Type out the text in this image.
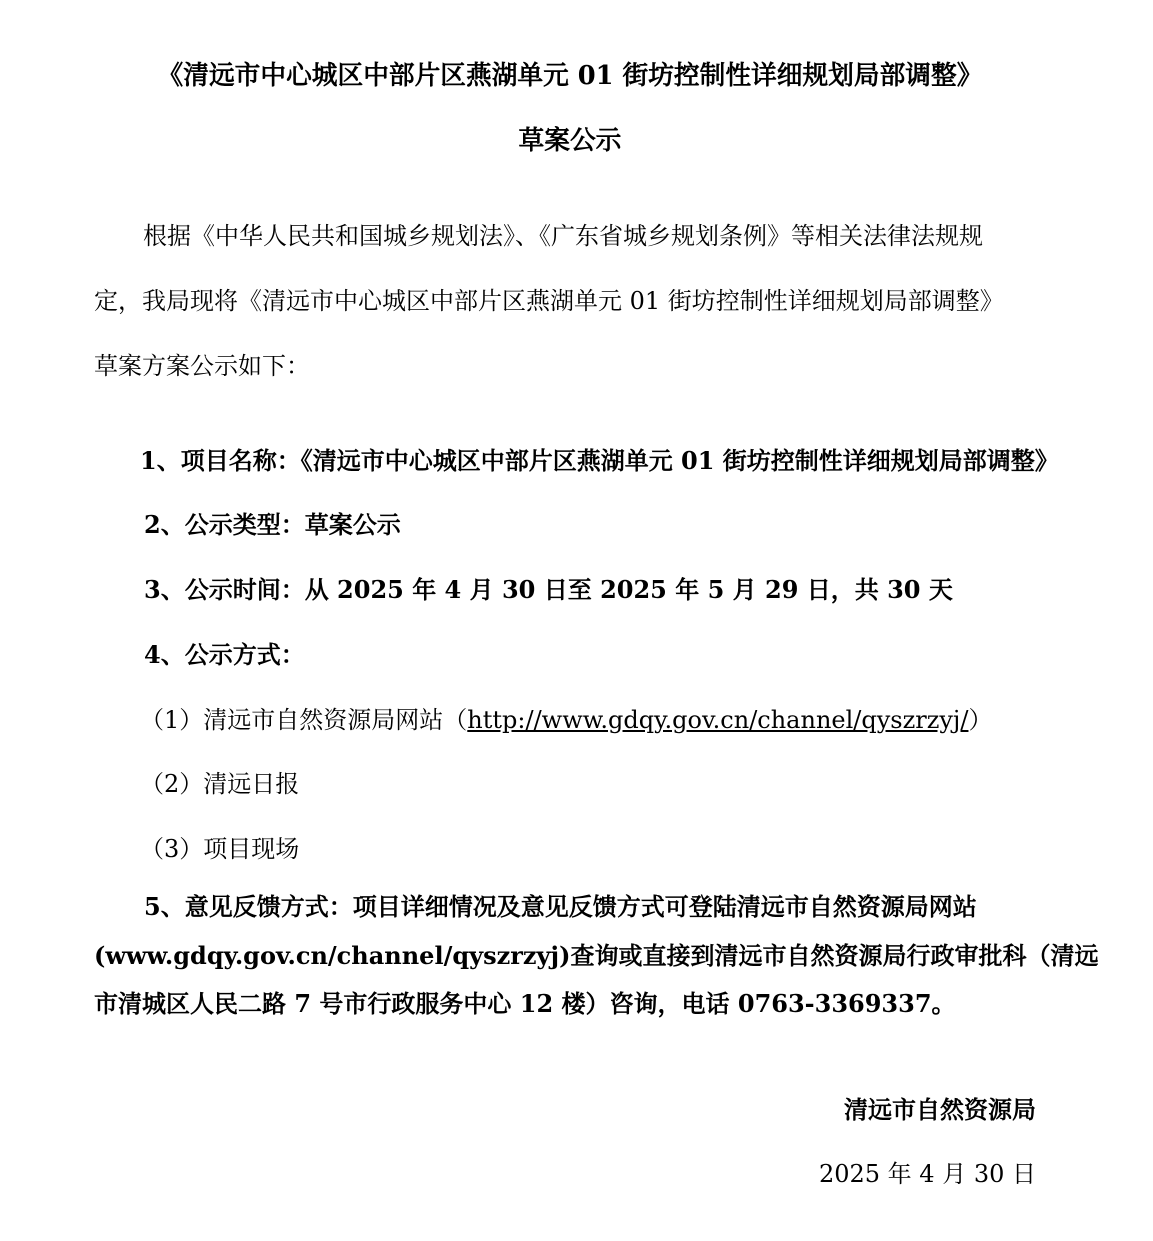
《清远市中心城区中部片区燕湖单元 01 街坊控制性详细规划局部调整》
草案公示
根据《中华人民共和国城乡规划法》、《广东省城乡规划条例》等相关法律法规规
定，我局现将《清远市中心城区中部片区燕湖单元 01 街坊控制性详细规划局部调整》
草案方案公示如下：
1、项目名称：《清远市中心城区中部片区燕湖单元 01 街坊控制性详细规划局部调整》
2、公示类型：草案公示
3、公示时间：从 2025 年 4 月 30 日至 2025 年 5 月 29 日，共 30 天
4、公示方式：
（1）清远市自然资源局网站（http://www.gdqy.gov.cn/channel/qyszrzyj/）
（2）清远日报
（3）项目现场
5、意见反馈方式：项目详细情况及意见反馈方式可登陆清远市自然资源局网站
(www.gdqy.gov.cn/channel/qyszrzyj)查询或直接到清远市自然资源局行政审批科（清远
市清城区人民二路 7 号市行政服务中心 12 楼）咨询，电话 0763-3369337。
清远市自然资源局
2025 年 4 月 30 日
